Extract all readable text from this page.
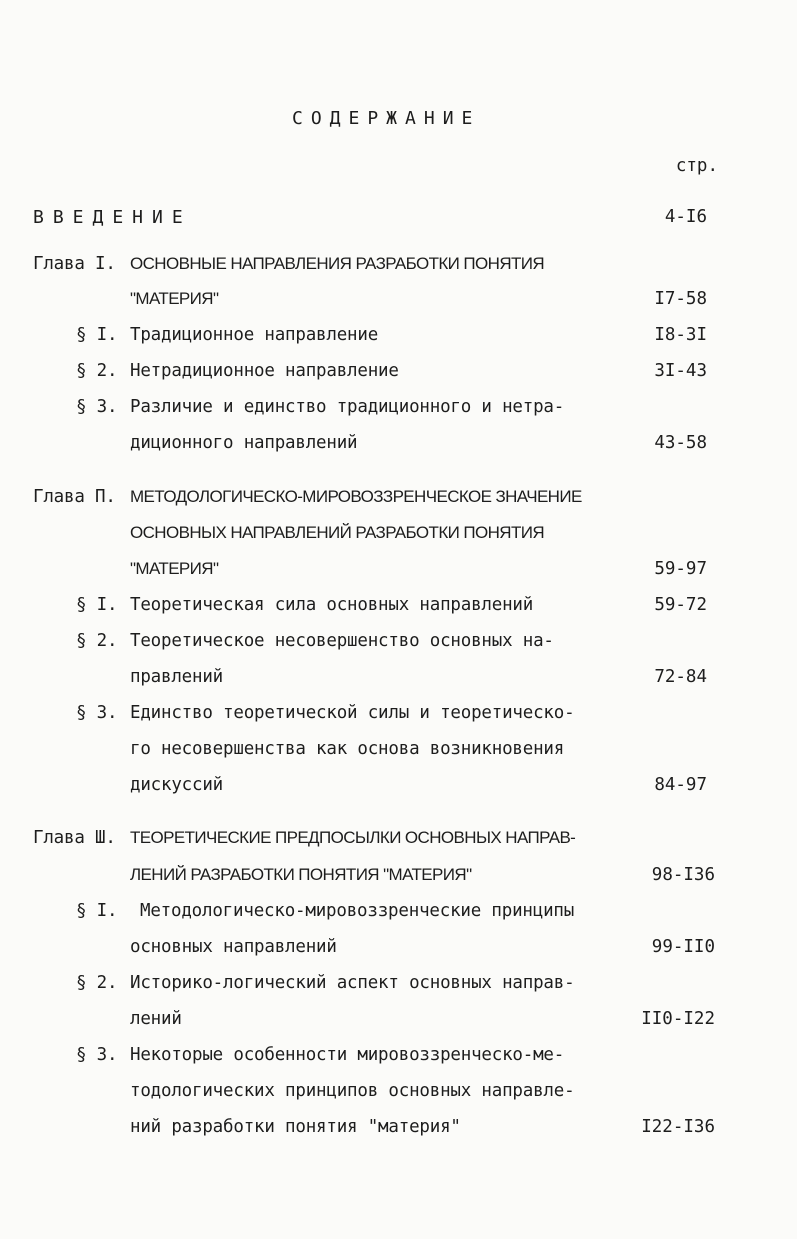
СОДЕРЖАНИЕ
стр.
ВВЕДЕНИЕ	4-I6
Глава I. ОСНОВНЫЕ НАПРАВЛЕНИЯ РАЗРАБОТКИ ПОНЯТИЯ
"МАТЕРИЯ"	I7-58
§ I. Традиционное направление	I8-3I
§ 2. Нетрадиционное направление	3I-43
§ 3. Различие и единство традиционного и нетра-
диционного направлений	43-58
Глава П. МЕТОДОЛОГИЧЕСКО-МИРОВОЗЗРЕНЧЕСКОЕ ЗНАЧЕНИЕ
ОСНОВНЫХ НАПРАВЛЕНИЙ РАЗРАБОТКИ ПОНЯТИЯ
"МАТЕРИЯ"	59-97
§ I. Теоретическая сила основных направлений	59-72
§ 2. Теоретическое несовершенство основных на-
правлений	72-84
§ 3. Единство теоретической силы и теоретическо-
го несовершенства как основа возникновения
дискуссий	84-97
Глава Ш. ТЕОРЕТИЧЕСКИЕ ПРЕДПОСЫЛКИ ОСНОВНЫХ НАПРАВ-
ЛЕНИЙ РАЗРАБОТКИ ПОНЯТИЯ "МАТЕРИЯ"	98-I36
§ I. Методологическо-мировоззренческие принципы
основных направлений	99-II0
§ 2. Историко-логический аспект основных направ-
лений	II0-I22
§ 3. Некоторые особенности мировоззренческо-ме-
тодологических принципов основных направле-
ний разработки понятия "материя"	I22-I36
